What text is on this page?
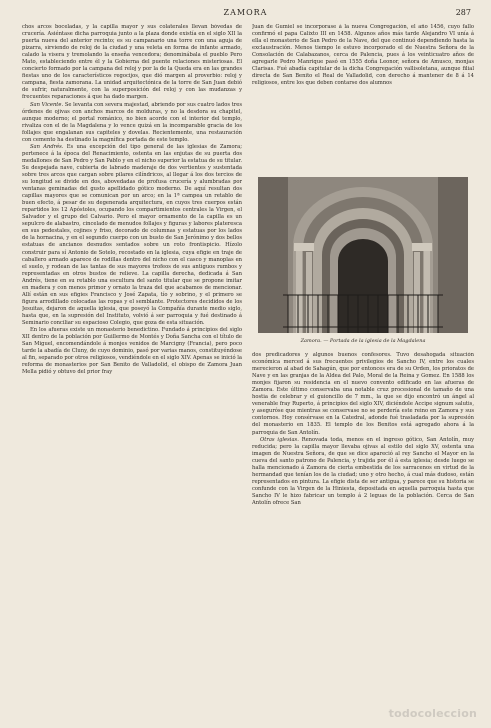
ZAMORA	287

chos arcos boceladas, y la capilla mayor y sus colaterales llevan bóvedas de crucería. Asiéntase dicha parroquia junto a la plaza donde existía en el siglo XII la puerta nueva del anterior recinto; es su campanario una torre con una aguja de pizarra, sirviendo de reloj de la ciudad y una veleta en forma de infante armado, calado la visera y tremolando la enseña vencedora; denominábala el pueblo Pero Mato, estableciendo entre él y la Gobierna del puente relaciones misteriosas. El concierto formado por la campana del reloj y por la de la Queda era en las grandes fiestas uno de los característicos regocijos, que dió margen al proverbio: reloj y campana, fiesta zamorana. La unidad arquitectónica de la torre de San Juan debió de sufrir, naturalmente, con la superposición del reloj y con las mudanzas y frecuentes reparaciones á que ha dado margen.

San Vicente. Se levanta con severa majestad, abriendo por sus cuatro lados tres órdenes de ojivas con anchos marcos de molduras, y no la desdora su chapitel, aunque moderno; el portal románico, no bien acorde con el interior del templo, rivaliza con el de la Magdalena y lo vence quizá en la incomparable gracia de los follajes que engalanan sus capiteles y dovelas. Recientemente, una restauración con cemento ha destinado la magnífica portada de este templo.

San Andrés. Es una excepción del tipo general de las iglesias de Zamora; pertenece á la época del Renacimiento, ostenta en las enjutas de su puerta dos medallones de San Pedro y San Pablo y en el nicho superior la estatua de su titular. Su despejada nave, cubierta de labrado maderaje de dos vertientes y sustentada sobre tres arcos que cargan sobre pilares cilíndricos, al llegar á los dos tercios de su longitud se divide en dos, abovedadas de profusa crucería y alumbradas por ventanas geminadas del gusto apellidado gótico moderno. De aquí resultan dos capillas mayores que se comunican por un arco; en la 1ª campea un retablo de buen efecto, á pesar de su degenerada arquitectura, en cuyos tres cuerpos están repartidos los 12 Apóstoles, ocupando los compartimientos centrales la Virgen, el Salvador y el grupo del Calvario. Pero el mayor ornamento de la capilla es un sepulcro de alabastro, cincelado de menudos follajes y figuras y labores plateresca en sus pedestales, cojines y friso, decorado de columnas y estatuas por los lados de la hornacina, y en el segundo cuerpo con un busto de San Jerónimo y dos bellos estatuas de ancianos desnudos sentados sobre un roto frontispicio. Hízolo construir para sí Antonio de Sotelo, recostado en la iglesia, cuya efigie en traje de caballero armado aparece de rodillas dentro del nicho con el casco y manoplas en el suelo, y rodean de las tantas de sus mayores trofeos de sus antiguos rumbos y representadas en otros bustos de relieve. La capilla derecha, dedicada á San Andrés, tiene en su retablo una escultura del santo titular que se propone imitar en madera y con menos primor y ornato la traza del que acabamos de mencionar. Allí están en sus efigies Francisco y José Zapata, tío y sobrino, y el primero se figura arrodillado colocadas las ropas y el semblante. Protectores decididos de los Jesuitas, dejaron de aquella iglesia, que poseyó la Compañía durante medio siglo, hasta que, en la supresión del Instituto, volvió á ser parroquia y fué destinado á Seminario conciliar su espacioso Colegio, que goza de esta situación.

En los afueras existe un monasterio benedictino. Fundado á principios del siglo XII dentro de la población por Guillermo de Montés y Doña Sancha con el título de San Miguel, encomendándole á monjes venidos de Marcigny (Francia), pero poco tarde la abadía de Cluny, de cuyo dominio, pasó por varias manos, constituyéndose al fin, separado por otros religiosos, vendiéndole en el siglo XIV. Apenas se inició la reforma de monasterios por San Benito de Valladolid, el obispo de Zamora Juan Mella pidió y obtuvo del prior fray

Juan de Gumiel se incorporase á la nueva Congregación, el año 1456, cuyo fallo confirmó el papa Calixto III en 1458. Algunos años más tarde Alejandro VI unía á ella el monasterio de San Pedro de la Nave, del que continuó dependiendo hasta la exclaustración. Menos tiempo le estuvo incorporado el de Nuestra Señora de la Consolación de Calabazanos, cerca de Palencia, pues á los veinticuatro años de agregarle Pedro Manrique pasó en 1555 doña Leonor, señora de Amusco, monjas Clarisas. Fué abadía capitular de la dicha Congregación vallisoletana, aunque filial directa de San Benito el Real de Valladolid, con derecho á mantener de 8 á 14 religiosos, entre los que deben contarse dos alumnos

Zamora. — Portada de la iglesia de la Magdalena

dos predicadores y algunos buenos confesores. Tuvo desahogada situación económica merced á sus frecuentes privilegios de Sancho IV, entre los cuales merecieron al abad de Sahagún, que por entonces era de su Orden, los prioratos de Nave y en las granjas de la Aldea del Palo, Moral de la Reina y Gomez. En 1588 los monjes fijaron su residencia en el nuevo convento edificado en las afueras de Zamora. Este último conservaba una notable cruz procesional de tamaño de una hostia de celebrar y el guioncillo de 7 mm., la que se dijo encontró un ángel al venerable fray Ruperto, á principios del siglo XIV, diciéndole Accipe signum salutis, y aseguróse que mientras se conservase no se perdería este reino en Zamora y sus contornos. Hoy consérvase en la Catedral, adonde fué trasladada por la supresión del monasterio en 1835. El templo de los Benitos está agregado ahora á la parroquia de San Antolín.

Otras iglesias. Renovada toda, menos en el ingreso gótico, San Antolín, muy reducida; pero la capilla mayor llevaba ojivas al estilo del siglo XV, ostenta una imagen de Nuestra Señora, de que se dice apareció al rey Sancho el Mayor en la cueva del santo patrono de Palencia, y trajida por él á esta iglesia; desde luego se halla mencionado á Zamora de cierta embestida de los sarracenos en virtud de la hermandad que tenían los de la ciudad; uno y otro hecho, á cual más dudoso, están representados en pintura. La efigie dista de ser antigua, y parece que su historia se confunde con la Virgen de la Hiniesta, depositada en aquella parroquia hasta que Sancho IV le hizo fabricar un templo á 2 leguas de la población. Cerca de San Antolín ofrece San

todocoleccion
